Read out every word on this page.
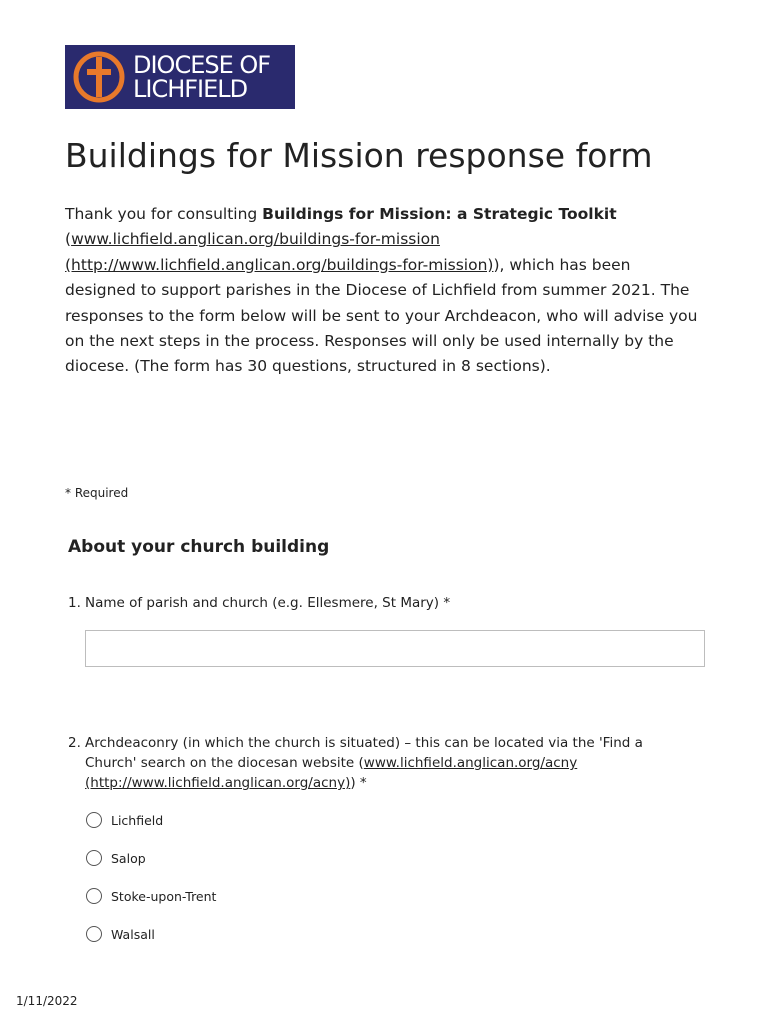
DIOCESE OF
LICHFIELD
Buildings for Mission response form

Thank you for consulting Buildings for Mission: a Strategic Toolkit
(www.lichfield.anglican.org/buildings-for-mission (http://www.lichfield.anglican.org/buildings-for-mission)), which has been designed to support parishes in the Diocese of Lichfield from summer 2021. The responses to the form below will be sent to your Archdeacon, who will advise you on the next steps in the process. Responses will only be used internally by the diocese. (The form has 30 questions, structured in 8 sections).

* Required
About your church building
1. Name of parish and church (e.g. Ellesmere, St Mary) *
2. Archdeaconry (in which the church is situated) – this can be located via the 'Find a Church' search on the diocesan website (www.lichfield.anglican.org/acny (http://www.lichfield.anglican.org/acny)) *
Lichfield
Salop
Stoke-upon-Trent
Walsall
1/11/2022
